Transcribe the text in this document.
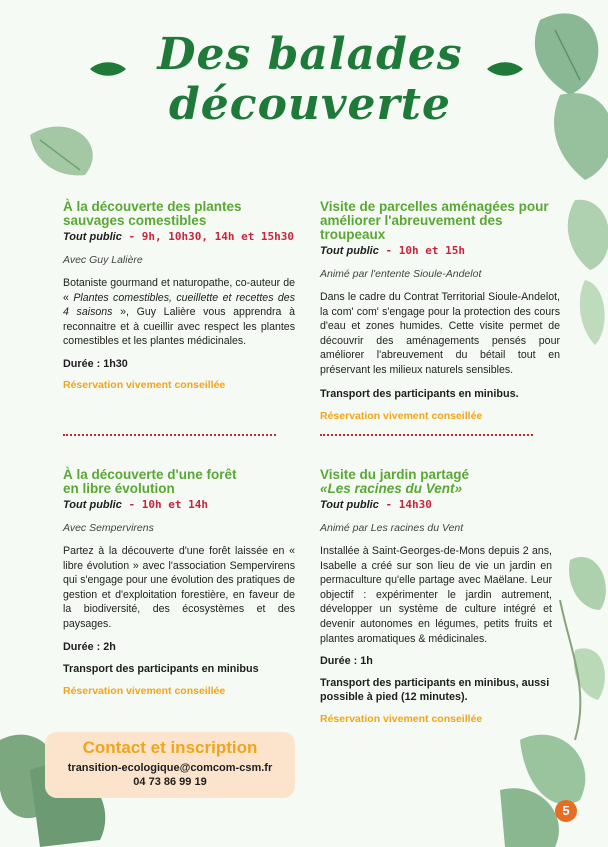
Des balades
découverte
À la découverte des plantes
sauvages comestibles
Tout public - 9h, 10h30, 14h et 15h30
Avec Guy Lalière
Botaniste gourmand et naturopathe, co-auteur de « Plantes comestibles, cueillette et recettes des 4 saisons », Guy Lalière vous apprendra à reconnaitre et à cueillir avec respect les plantes comestibles et les plantes médicinales.
Durée : 1h30
Réservation vivement conseillée
Visite de parcelles aménagées pour
améliorer l'abreuvement des troupeaux
Tout public - 10h et 15h
Animé par l'entente Sioule-Andelot
Dans le cadre du Contrat Territorial Sioule-Andelot, la com' com' s'engage pour la protection des cours d'eau et zones humides. Cette visite permet de découvrir des aménagements pensés pour améliorer l'abreuvement du bétail tout en préservant les milieux naturels sensibles.
Transport des participants en minibus.
Réservation vivement conseillée
À la découverte d'une forêt
en libre évolution
Tout public - 10h et 14h
Avec Sempervirens
Partez à la découverte d'une forêt laissée en « libre évolution » avec l'association Sempervirens qui s'engage pour une évolution des pratiques de gestion et d'exploitation forestière, en faveur de la biodiversité, des écosystèmes et des paysages.
Durée : 2h
Transport des participants en minibus
Réservation vivement conseillée
Visite du jardin partagé
«Les racines du Vent»
Tout public - 14h30
Animé par Les racines du Vent
Installée à Saint-Georges-de-Mons depuis 2 ans, Isabelle a créé sur son lieu de vie un jardin en permaculture qu'elle partage avec Maëlane. Leur objectif : expérimenter le jardin autrement, développer un système de culture intégré et devenir autonomes en légumes, petits fruits et plantes aromatiques & médicinales.
Durée : 1h
Transport des participants en minibus, aussi possible à pied (12 minutes).
Réservation vivement conseillée
Contact et inscription
transition-ecologique@comcom-csm.fr
04 73 86 99 19
5
